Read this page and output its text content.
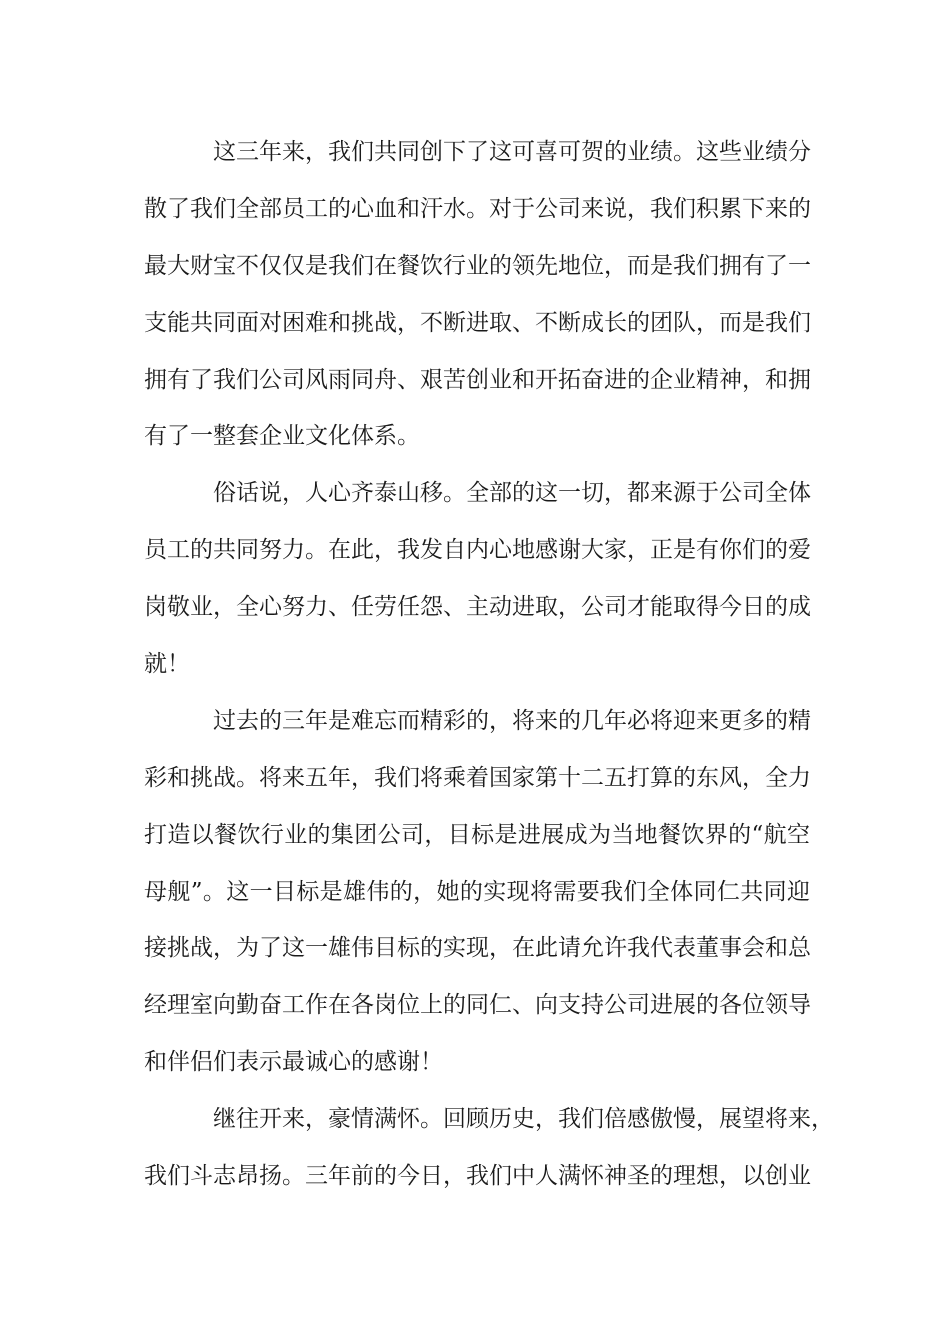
这三年来，我们共同创下了这可喜可贺的业绩。这些业绩分
散了我们全部员工的心血和汗水。对于公司来说，我们积累下来的
最大财宝不仅仅是我们在餐饮行业的领先地位，而是我们拥有了一
支能共同面对困难和挑战，不断进取、不断成长的团队，而是我们
拥有了我们公司风雨同舟、艰苦创业和开拓奋进的企业精神，和拥
有了一整套企业文化体系。
俗话说，人心齐泰山移。全部的这一切，都来源于公司全体
员工的共同努力。在此，我发自内心地感谢大家，正是有你们的爱
岗敬业，全心努力、任劳任怨、主动进取，公司才能取得今日的成
就！
过去的三年是难忘而精彩的，将来的几年必将迎来更多的精
彩和挑战。将来五年，我们将乘着国家第十二五打算的东风，全力
打造以餐饮行业的集团公司，目标是进展成为当地餐饮界的“航空
母舰”。这一目标是雄伟的，她的实现将需要我们全体同仁共同迎
接挑战，为了这一雄伟目标的实现，在此请允许我代表董事会和总
经理室向勤奋工作在各岗位上的同仁、向支持公司进展的各位领导
和伴侣们表示最诚心的感谢！
继往开来，豪情满怀。回顾历史，我们倍感傲慢，展望将来，
我们斗志昂扬。三年前的今日，我们中人满怀神圣的理想，以创业
